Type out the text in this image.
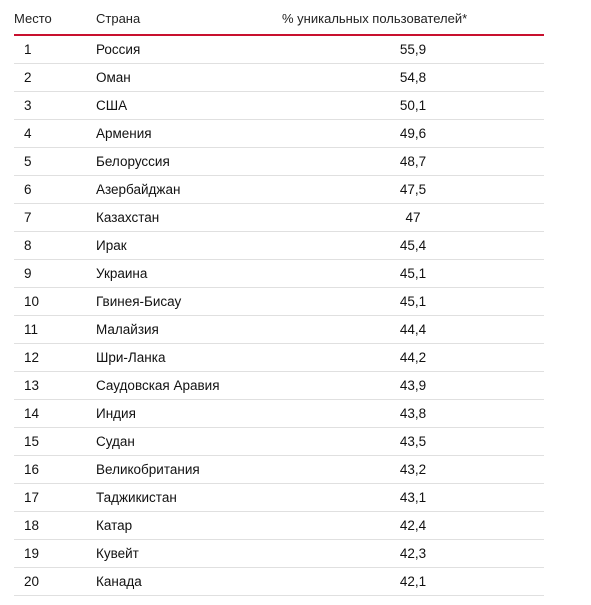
Место	Страна	% уникальных пользователей*
1	Россия	55,9
2	Оман	54,8
3	США	50,1
4	Армения	49,6
5	Белоруссия	48,7
6	Азербайджан	47,5
7	Казахстан	47
8	Ирак	45,4
9	Украина	45,1
10	Гвинея-Бисау	45,1
11	Малайзия	44,4
12	Шри-Ланка	44,2
13	Саудовская Аравия	43,9
14	Индия	43,8
15	Судан	43,5
16	Великобритания	43,2
17	Таджикистан	43,1
18	Катар	42,4
19	Кувейт	42,3
20	Канада	42,1
